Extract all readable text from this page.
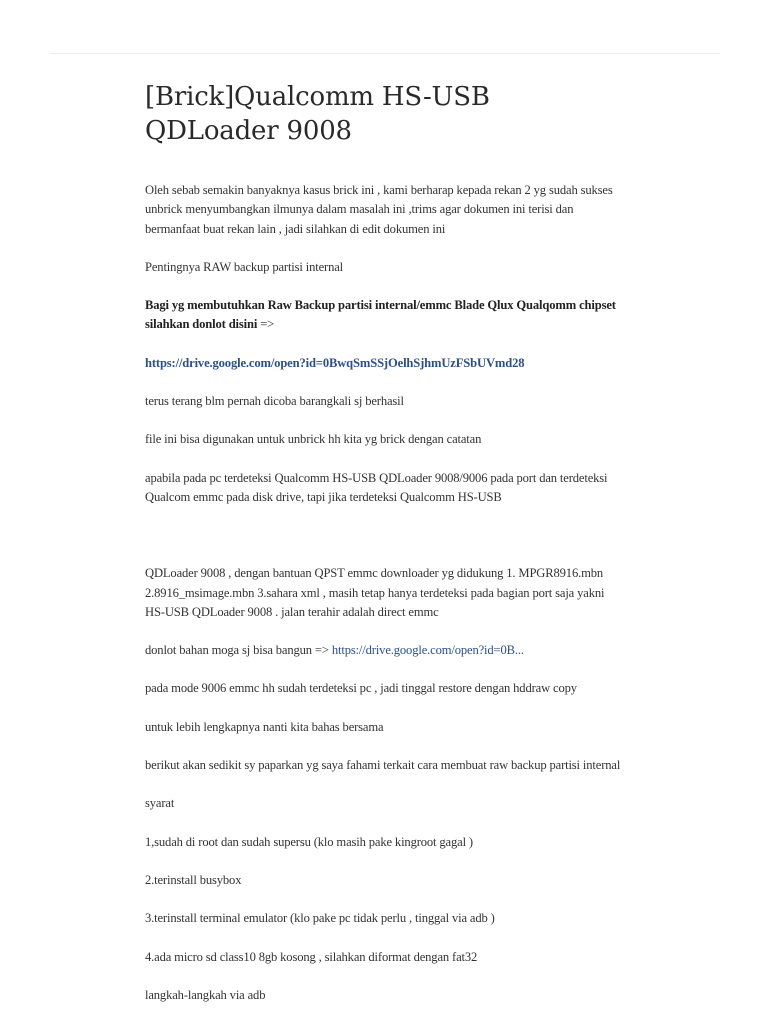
[Brick]Qualcomm HS-USB QDLoader 9008

Oleh sebab semakin banyaknya kasus brick ini , kami berharap kepada rekan 2 yg sudah sukses unbrick menyumbangkan ilmunya dalam masalah ini ,trims agar dokumen ini terisi dan bermanfaat buat rekan lain , jadi silahkan di edit dokumen ini

Pentingnya RAW backup partisi internal

Bagi yg membutuhkan Raw Backup partisi internal/emmc Blade Qlux Qualqomm chipset silahkan donlot disini =>

https://drive.google.com/open?id=0BwqSmSSjOelhSjhmUzFSbUVmd28

terus terang blm pernah dicoba barangkali sj berhasil

file ini bisa digunakan untuk unbrick hh kita yg brick dengan catatan

apabila pada pc terdeteksi Qualcomm HS-USB QDLoader 9008/9006 pada port dan terdeteksi Qualcom emmc pada disk drive, tapi jika terdeteksi Qualcomm HS-USB

QDLoader 9008 , dengan bantuan QPST emmc downloader yg didukung 1. MPGR8916.mbn 2.8916_msimage.mbn 3.sahara xml , masih tetap hanya terdeteksi pada bagian port saja yakni HS-USB QDLoader 9008 . jalan terahir adalah direct emmc

donlot bahan moga sj bisa bangun => https://drive.google.com/open?id=0B...

pada mode 9006 emmc hh sudah terdeteksi pc , jadi tinggal restore dengan hddraw copy

untuk lebih lengkapnya nanti kita bahas bersama

berikut akan sedikit sy paparkan yg saya fahami terkait cara membuat raw backup partisi internal

syarat

1,sudah di root dan sudah supersu (klo masih pake kingroot gagal )

2.terinstall busybox

3.terinstall terminal emulator (klo pake pc tidak perlu , tinggal via adb )

4.ada micro sd class10 8gb kosong , silahkan diformat dengan fat32

langkah-langkah via adb
